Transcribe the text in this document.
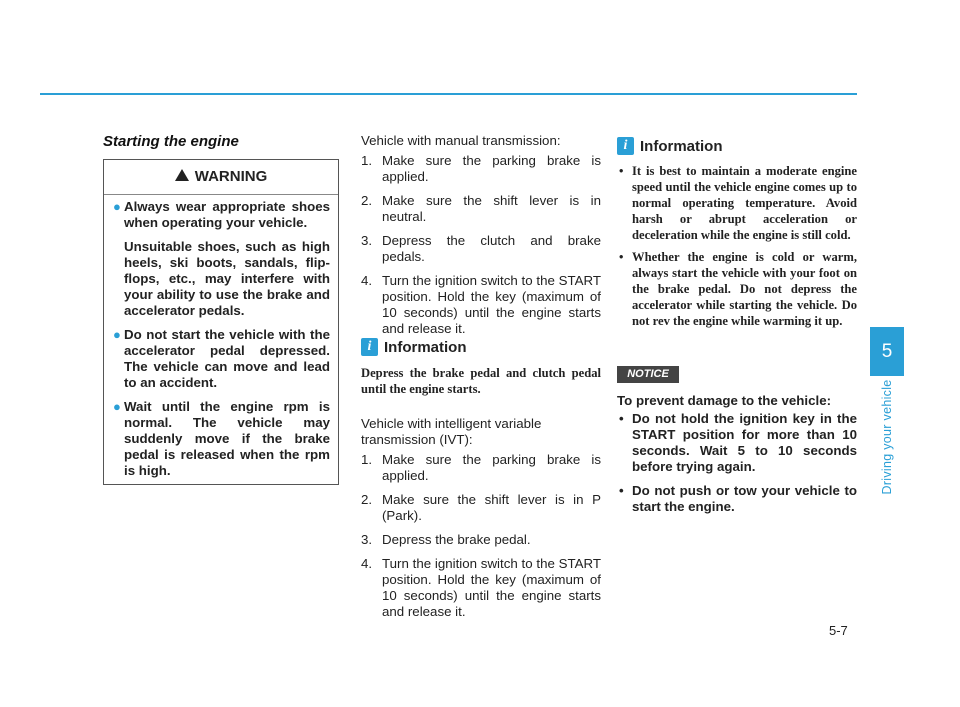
Starting the engine
WARNING
● Always wear appropriate shoes when operating your vehicle.

Unsuitable shoes, such as high heels, ski boots, sandals, flip-flops, etc., may interfere with your ability to use the brake and accelerator pedals.

● Do not start the vehicle with the accelerator pedal depressed. The vehicle can move and lead to an accident.

● Wait until the engine rpm is normal. The vehicle may suddenly move if the brake pedal is released when the rpm is high.

Vehicle with manual transmission:
1. Make sure the parking brake is applied.
2. Make sure the shift lever is in neutral.
3. Depress the clutch and brake pedals.
4. Turn the ignition switch to the START position. Hold the key (maximum of 10 seconds) until the engine starts and release it.
i Information
Depress the brake pedal and clutch pedal until the engine starts.
Vehicle with intelligent variable transmission (IVT):
1. Make sure the parking brake is applied.
2. Make sure the shift lever is in P (Park).
3. Depress the brake pedal.
4. Turn the ignition switch to the START position. Hold the key (maximum of 10 seconds) until the engine starts and release it.
i Information
• It is best to maintain a moderate engine speed until the vehicle engine comes up to normal operating temperature. Avoid harsh or abrupt acceleration or deceleration while the engine is still cold.
• Whether the engine is cold or warm, always start the vehicle with your foot on the brake pedal. Do not depress the accelerator while starting the vehicle. Do not rev the engine while warming it up.
NOTICE
To prevent damage to the vehicle:
• Do not hold the ignition key in the START position for more than 10 seconds. Wait 5 to 10 seconds before trying again.
• Do not push or tow your vehicle to start the engine.
5
Driving your vehicle
5-7
